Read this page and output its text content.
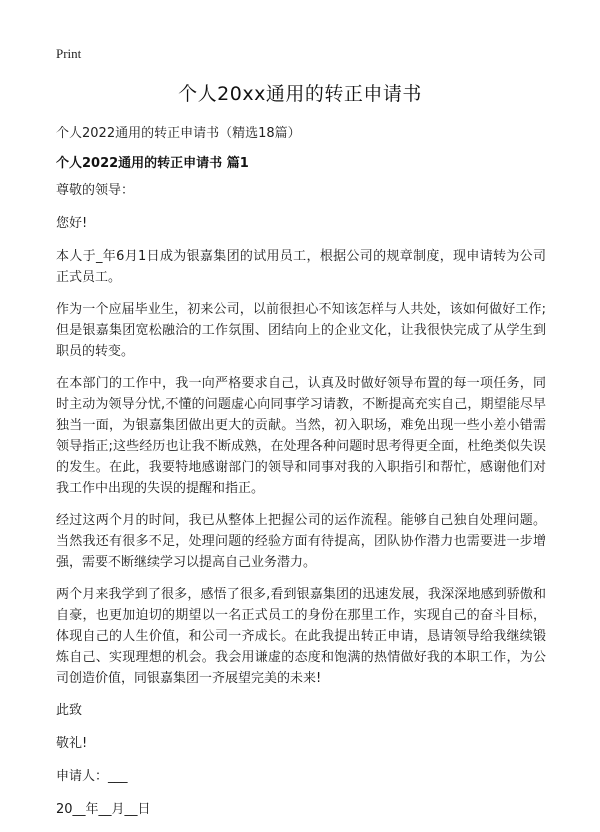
Print
个人20xx通用的转正申请书
个人2022通用的转正申请书（精选18篇）
个人2022通用的转正申请书 篇1

尊敬的领导：

您好!

本人于_年6月1日成为银嘉集团的试用员工，根据公司的规章制度，现申请转为公司正式员工。

作为一个应届毕业生，初来公司，以前很担心不知该怎样与人共处，该如何做好工作;但是银嘉集团宽松融洽的工作氛围、团结向上的企业文化，让我很快完成了从学生到职员的转变。

在本部门的工作中，我一向严格要求自己，认真及时做好领导布置的每一项任务，同时主动为领导分忧,不懂的问题虚心向同事学习请教，不断提高充实自己，期望能尽早独当一面，为银嘉集团做出更大的贡献。当然，初入职场，难免出现一些小差小错需领导指正;这些经历也让我不断成熟，在处理各种问题时思考得更全面，杜绝类似失误的发生。在此，我要特地感谢部门的领导和同事对我的入职指引和帮忙，感谢他们对我工作中出现的失误的提醒和指正。

经过这两个月的时间，我已从整体上把握公司的运作流程。能够自己独自处理问题。当然我还有很多不足，处理问题的经验方面有待提高，团队协作潜力也需要进一步增强，需要不断继续学习以提高自己业务潜力。

两个月来我学到了很多，感悟了很多,看到银嘉集团的迅速发展，我深深地感到骄傲和自豪，也更加迫切的期望以一名正式员工的身份在那里工作，实现自己的奋斗目标，体现自己的人生价值，和公司一齐成长。在此我提出转正申请，恳请领导给我继续锻炼自己、实现理想的机会。我会用谦虚的态度和饱满的热情做好我的本职工作，为公司创造价值，同银嘉集团一齐展望完美的未来!

此致

敬礼!

申请人：___

20__年__月__日
